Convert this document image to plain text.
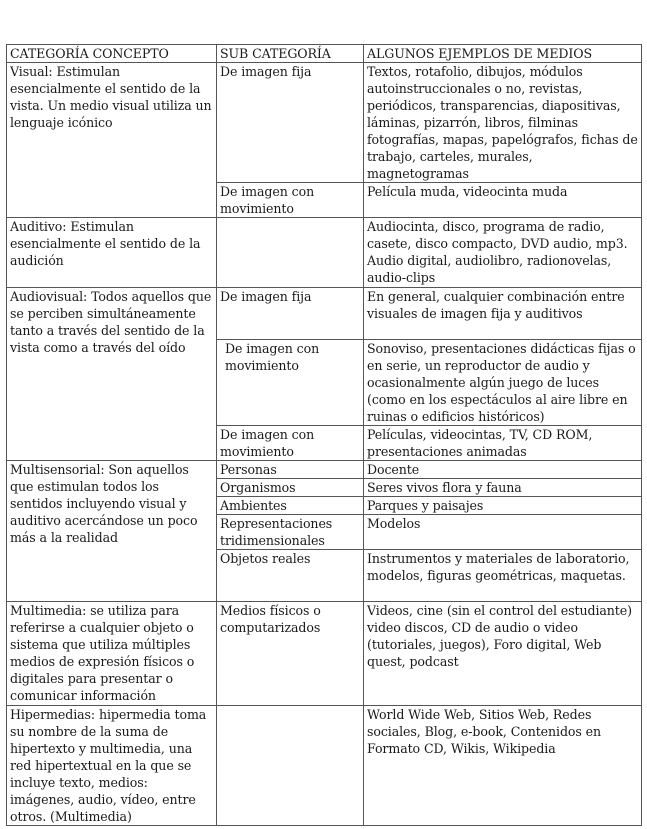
CATEGORÍA CONCEPTO	SUB CATEGORÍA	ALGUNOS EJEMPLOS DE MEDIOS
Visual: Estimulan esencialmente el sentido de la vista. Un medio visual utiliza un lenguaje icónico	De imagen fija	Textos, rotafolio, dibujos, módulos autoinstruccionales o no, revistas, periódicos, transparencias, diapositivas, láminas, pizarrón, libros, filminas fotografías, mapas, papelógrafos, fichas de trabajo, carteles, murales, magnetogramas
	De imagen con movimiento	Película muda, videocinta muda
Auditivo: Estimulan esencialmente el sentido de la audición		Audiocinta, disco, programa de radio, casete, disco compacto, DVD audio, mp3. Audio digital, audiolibro, radionovelas, audio-clips
Audiovisual: Todos aquellos que se perciben simultáneamente tanto a través del sentido de la vista como a través del oído	De imagen fija	En general, cualquier combinación entre visuales de imagen fija y auditivos
	De imagen con movimiento	Sonoviso, presentaciones didácticas fijas o en serie, un reproductor de audio y ocasionalmente algún juego de luces (como en los espectáculos al aire libre en ruinas o edificios históricos)
	De imagen con movimiento	Películas, videocintas, TV, CD ROM, presentaciones animadas
Multisensorial: Son aquellos que estimulan todos los sentidos incluyendo visual y auditivo acercándose un poco más a la realidad	Personas	Docente
	Organismos	Seres vivos flora y fauna
	Ambientes	Parques y paisajes
	Representaciones tridimensionales	Modelos
	Objetos reales	Instrumentos y materiales de laboratorio, modelos, figuras geométricas, maquetas.
Multimedia: se utiliza para referirse a cualquier objeto o sistema que utiliza múltiples medios de expresión físicos o digitales para presentar o comunicar información	Medios físicos o computarizados	Videos, cine (sin el control del estudiante) video discos, CD de audio o video (tutoriales, juegos), Foro digital, Web quest, podcast
Hipermedias: hipermedia toma su nombre de la suma de hipertexto y multimedia, una red hipertextual en la que se incluye texto, medios: imágenes, audio, vídeo, entre otros. (Multimedia)		World Wide Web, Sitios Web, Redes sociales, Blog, e-book, Contenidos en Formato CD, Wikis, Wikipedia
